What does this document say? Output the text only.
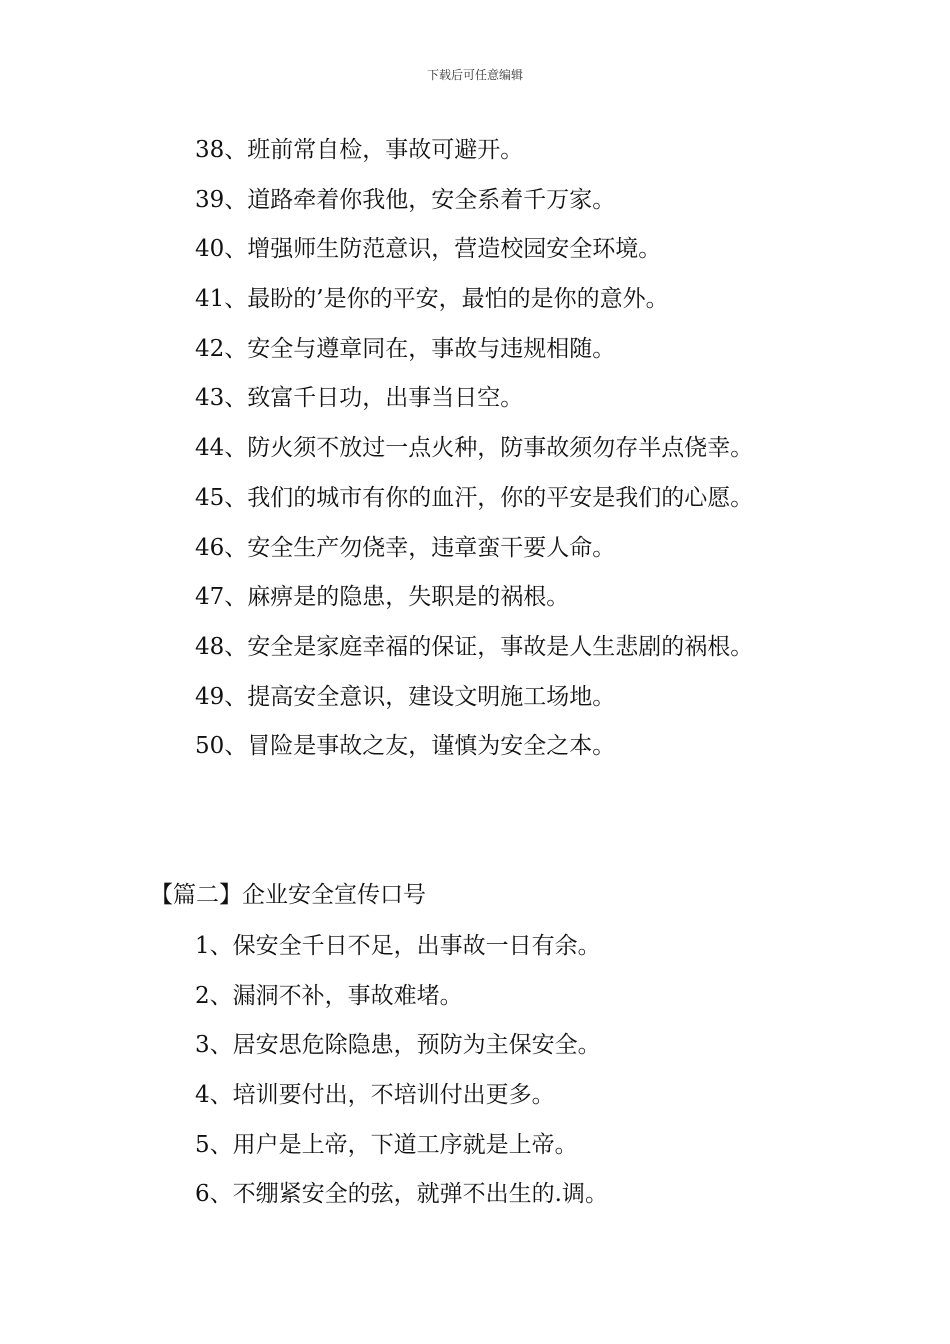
下载后可任意编辑
38、班前常自检，事故可避开。
39、道路牵着你我他，安全系着千万家。
40、增强师生防范意识，营造校园安全环境。
41、最盼的’是你的平安，最怕的是你的意外。
42、安全与遵章同在，事故与违规相随。
43、致富千日功，出事当日空。
44、防火须不放过一点火种，防事故须勿存半点侥幸。
45、我们的城市有你的血汗，你的平安是我们的心愿。
46、安全生产勿侥幸，违章蛮干要人命。
47、麻痹是的隐患，失职是的祸根。
48、安全是家庭幸福的保证，事故是人生悲剧的祸根。
49、提高安全意识，建设文明施工场地。
50、冒险是事故之友，谨慎为安全之本。
【篇二】企业安全宣传口号
1、保安全千日不足，出事故一日有余。
2、漏洞不补，事故难堵。
3、居安思危除隐患，预防为主保安全。
4、培训要付出，不培训付出更多。
5、用户是上帝，下道工序就是上帝。
6、不绷紧安全的弦，就弹不出生的.调。
